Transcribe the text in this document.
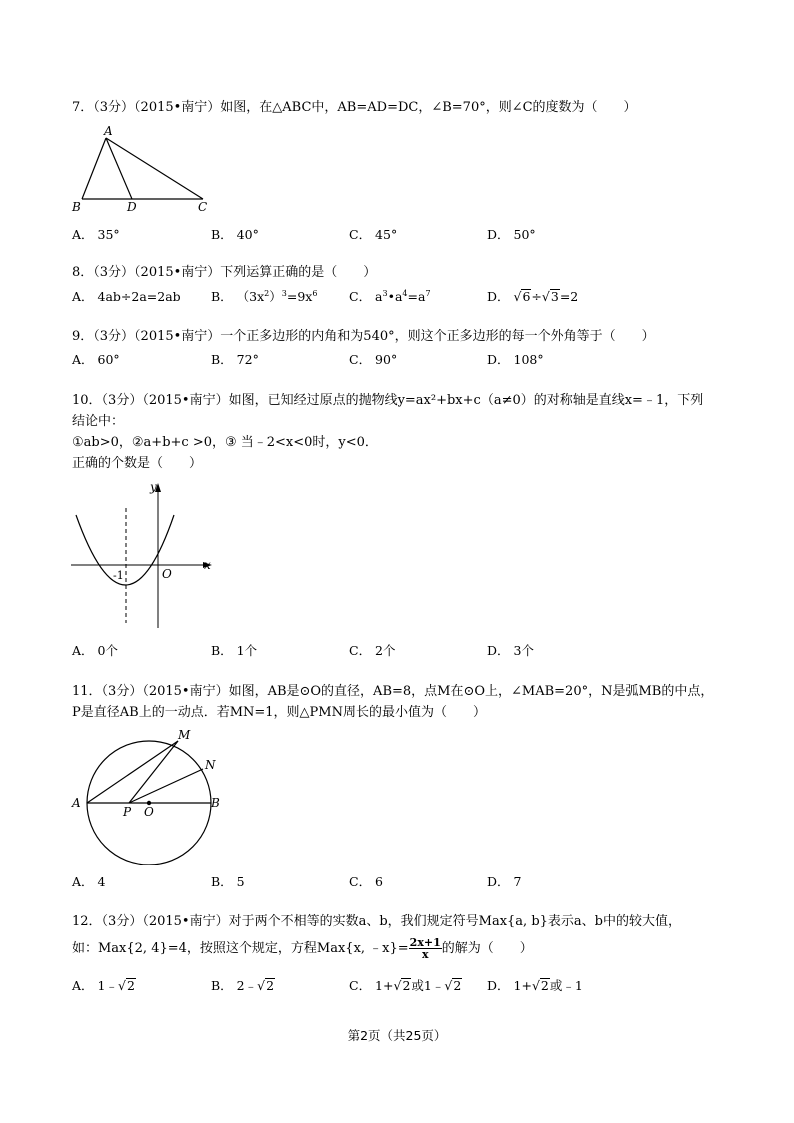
7．（3分）（2015•南宁）如图，在△ABC中，AB=AD=DC，∠B=70°，则∠C的度数为（　　）
A
B	D	C
A． 35°	B． 40°	C． 45°	D． 50°
8．（3分）（2015•南宁）下列运算正确的是（　　）
A． 4ab÷2a=2ab B． $(3x^2)^3=9x^6$	C． $a^3•a^4=a^7$	D． √6÷√3=2
9．（3分）（2015•南宁）一个正多边形的内角和为540°，则这个正多边形的每一个外角等于（　　）
A． 60°	B． 72°	C． 90°	D． 108°
10．（3分）（2015•南宁）如图，已知经过原点的抛物线y=ax²+bx+c（a≠0）的对称轴是直线x=﹣1，下列
结论中：
①ab>0，②a+b+c >0，③ 当﹣2<x<0时，y<0．
正确的个数是（　　）
y
x
O
-1
A． 0个	B． 1个	C． 2个	D． 3个
11．（3分）（2015•南宁）如图，AB是⊙O的直径，AB=8，点M在⊙O上，∠MAB=20°，N是弧MB的中点，
P是直径AB上的一动点．若MN=1，则△PMN周长的最小值为（　　）
A	B
M
N
P O
A． 4	B． 5	C． 6	D． 7
12．（3分）（2015•南宁）对于两个不相等的实数a、b，我们规定符号Max{a, b}表示a、b中的较大值，
如：Max{2, 4}=4，按照这个规定，方程Max{x, ﹣x}= $\frac{2x+1}{x}$ 的解为（　　）
A． 1﹣√2	B． 2﹣√2	C． 1+√2或1﹣√2 D． 1+√2或﹣1
第2页（共25页）
